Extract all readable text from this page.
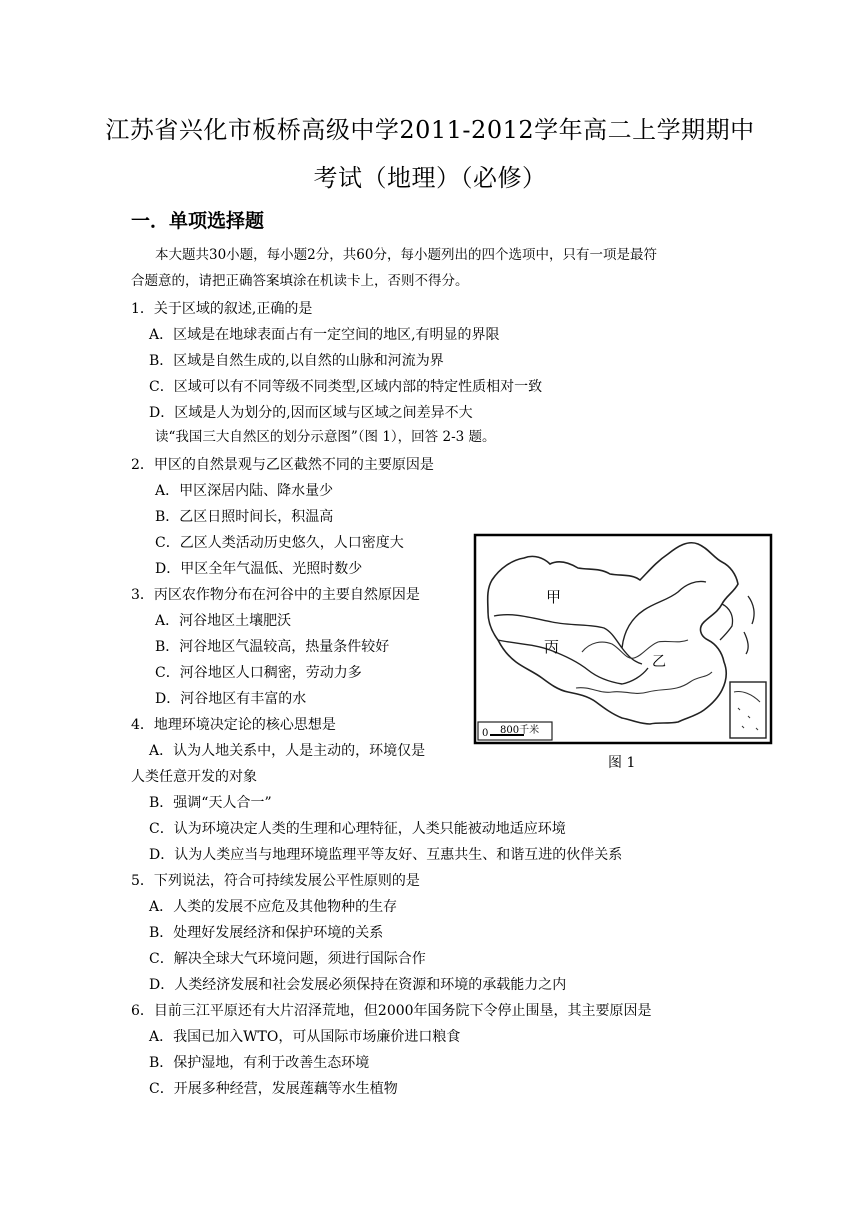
江苏省兴化市板桥高级中学2011-2012学年高二上学期期中
考试（地理）（必修）
一．单项选择题
本大题共30小题，每小题2分，共60分，每小题列出的四个选项中，只有一项是最符
合题意的，请把正确答案填涂在机读卡上，否则不得分。
1．关于区域的叙述,正确的是
A．区域是在地球表面占有一定空间的地区,有明显的界限
B．区域是自然生成的,以自然的山脉和河流为界
C．区域可以有不同等级不同类型,区域内部的特定性质相对一致
D．区域是人为划分的,因而区域与区域之间差异不大
读“我国三大自然区的划分示意图”（图 1），回答 2-3 题。
2．甲区的自然景观与乙区截然不同的主要原因是
A．甲区深居内陆、降水量少
B．乙区日照时间长，积温高
C．乙区人类活动历史悠久，人口密度大
D．甲区全年气温低、光照时数少
3．丙区农作物分布在河谷中的主要自然原因是
A．河谷地区土壤肥沃
B．河谷地区气温较高，热量条件较好
C．河谷地区人口稠密，劳动力多
D．河谷地区有丰富的水
4．地理环境决定论的核心思想是
A．认为人地关系中，人是主动的，环境仅是
人类任意开发的对象
B．强调“天人合一”
C．认为环境决定人类的生理和心理特征，人类只能被动地适应环境
D．认为人类应当与地理环境监理平等友好、互惠共生、和谐互进的伙伴关系
5．下列说法，符合可持续发展公平性原则的是
A．人类的发展不应危及其他物种的生存
B．处理好发展经济和保护环境的关系
C．解决全球大气环境问题，须进行国际合作
D．人类经济发展和社会发展必须保持在资源和环境的承载能力之内
6．目前三江平原还有大片沼泽荒地，但2000年国务院下令停止围垦，其主要原因是
A．我国已加入WTO，可从国际市场廉价进口粮食
B．保护湿地，有利于改善生态环境
C．开展多种经营，发展莲藕等水生植物
甲
丙
乙
0 800千米
图 1
